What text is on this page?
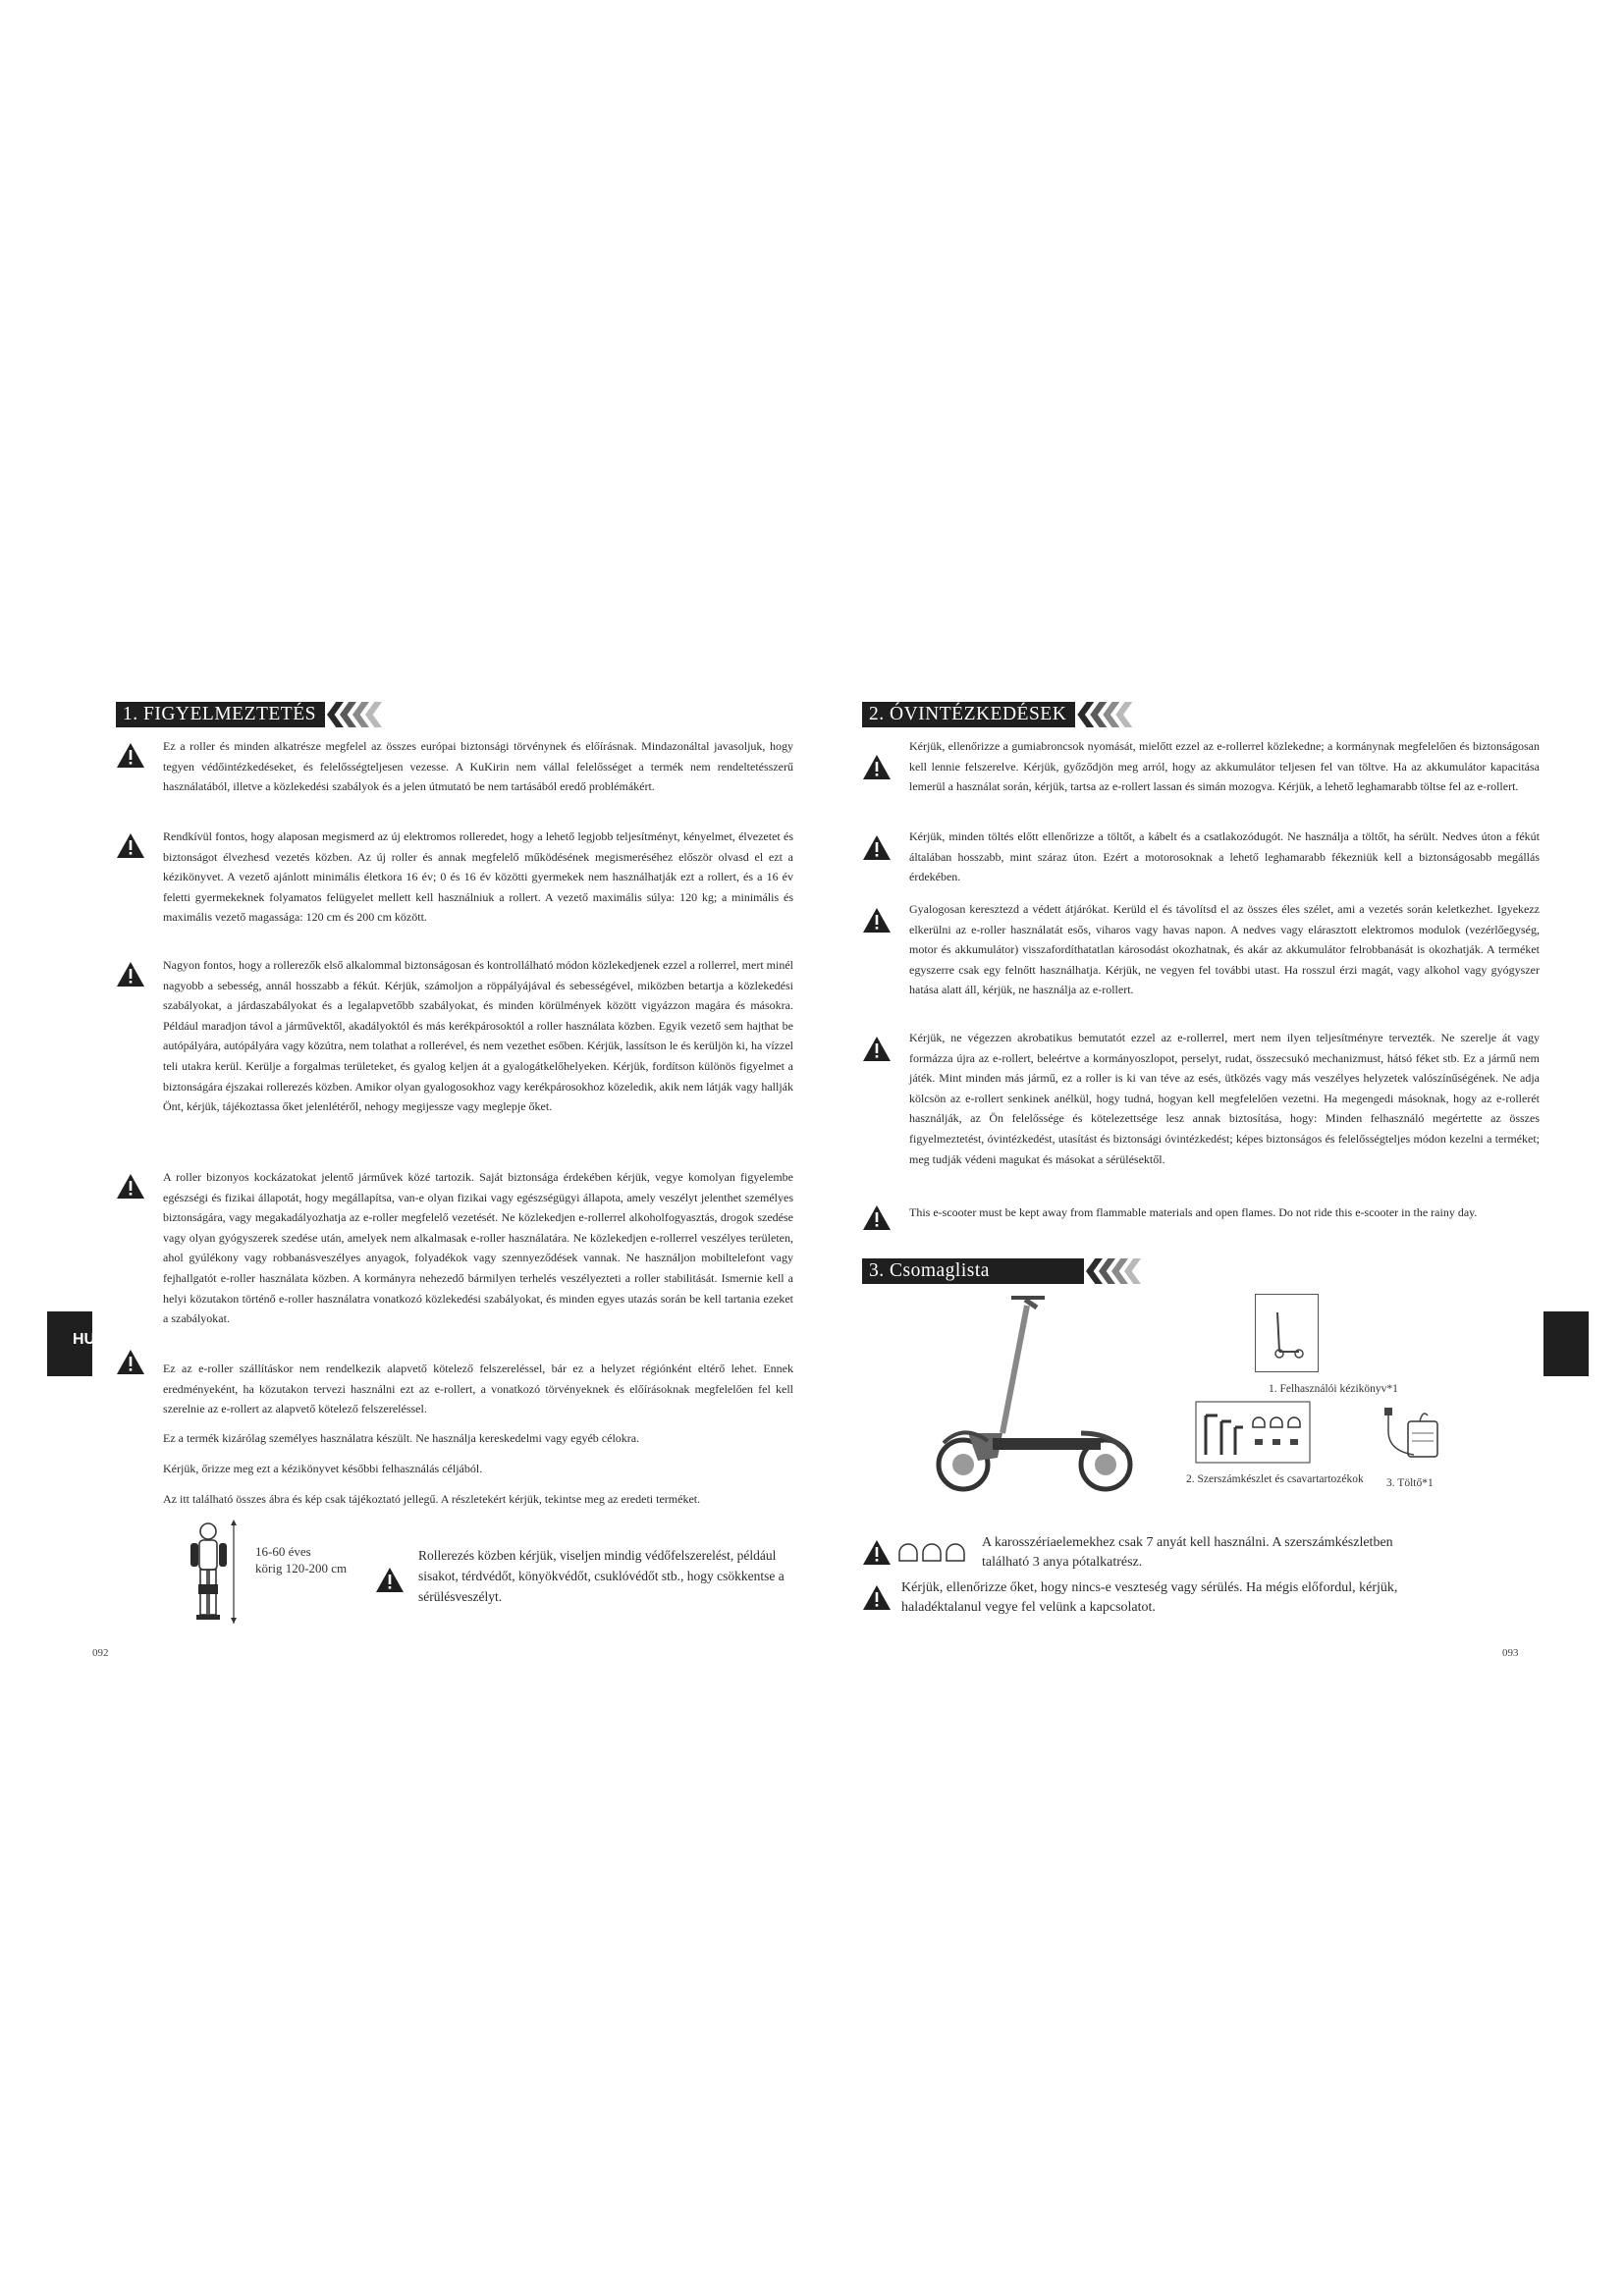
1. FIGYELMEZTETÉS
Ez a roller és minden alkatrésze megfelel az összes európai biztonsági törvénynek és előírásnak. Mindazonáltal javasoljuk, hogy tegyen védőintézkedéseket, és felelősségteljesen vezesse. A KuKirin nem vállal felelősséget a termék nem rendeltetésszerű használatából, illetve a közlekedési szabályok és a jelen útmutató be nem tartásából eredő problémákért.
Rendkívül fontos, hogy alaposan megismerd az új elektromos rolleredet, hogy a lehető legjobb teljesítményt, kényelmet, élvezetet és biztonságot élvezhesd vezetés közben. Az új roller és annak megfelelő működésének megismeréséhez először olvasd el ezt a kézikönyvet. A vezető ajánlott minimális életkora 16 év; 0 és 16 év közötti gyermekek nem használhatják ezt a rollert, és a 16 év feletti gyermekeknek folyamatos felügyelet mellett kell használniuk a rollert. A vezető maximális súlya: 120 kg; a minimális és maximális vezető magassága: 120 cm és 200 cm között.
Nagyon fontos, hogy a rollerezők első alkalommal biztonságosan és kontrollálható módon közlekedjenek ezzel a rollerrel, mert minél nagyobb a sebesség, annál hosszabb a fékút. Kérjük, számoljon a röppályájával és sebességével, miközben betartja a közlekedési szabályokat, a járdaszabályokat és a legalapvetőbb szabályokat, és minden körülmények között vigyázzon magára és másokra. Például maradjon távol a járművektől, akadályoktól és más kerékpárosoktól a roller használata közben. Egyik vezető sem hajthat be autópályára, autópályára vagy közútra, nem tolathat a rollerével, és nem vezethet esőben. Kérjük, lassítson le és kerüljön ki, ha vízzel teli utakra kerül. Kerülje a forgalmas területeket, és gyalog keljen át a gyalogátkelőhelyeken. Kérjük, fordítson különös figyelmet a biztonságára éjszakai rollerezés közben. Amikor olyan gyalogosokhoz vagy kerékpárosokhoz közeledik, akik nem látják vagy hallják Önt, kérjük, tájékoztassa őket jelenlétéről, nehogy megijessze vagy meglepje őket.
A roller bizonyos kockázatokat jelentő járművek közé tartozik. Saját biztonsága érdekében kérjük, vegye komolyan figyelembe egészségi és fizikai állapotát, hogy megállapítsa, van-e olyan fizikai vagy egészségügyi állapota, amely veszélyt jelenthet személyes biztonságára, vagy megakadályozhatja az e-roller megfelelő vezetését. Ne közlekedjen e-rollerrel alkoholfogyasztás, drogok szedése vagy olyan gyógyszerek szedése után, amelyek nem alkalmasak e-roller használatára. Ne közlekedjen e-rollerrel veszélyes területen, ahol gyúlékony vagy robbanásveszélyes anyagok, folyadékok vagy szennyeződések vannak. Ne használjon mobiltelefont vagy fejhallgatót e-roller használata közben. A kormányra nehezedő bármilyen terhelés veszélyezteti a roller stabilitását. Ismernie kell a helyi közutakon történő e-roller használatra vonatkozó közlekedési szabályokat, és minden egyes utazás során be kell tartania ezeket a szabályokat.
Ez az e-roller szállításkor nem rendelkezik alapvető kötelező felszereléssel, bár ez a helyzet régiónként eltérő lehet. Ennek eredményeként, ha közutakon tervezi használni ezt az e-rollert, a vonatkozó törvényeknek és előírásoknak megfelelően fel kell szerelnie az e-rollert az alapvető kötelező felszereléssel.
Ez a termék kizárólag személyes használatra készült. Ne használja kereskedelmi vagy egyéb célokra.
Kérjük, őrizze meg ezt a kézikönyvet későbbi felhasználás céljából.
Az itt található összes ábra és kép csak tájékoztató jellegű. A részletekért kérjük, tekintse meg az eredeti terméket.
16-60 éves
körig 120-200 cm
Rollerezés közben kérjük, viseljen mindig védőfelszerelést, például sisakot, térdvédőt, könyökvédőt, csuklóvédőt stb., hogy csökkentse a sérülésveszélyt.
092
HU
2. ÓVINTÉZKEDÉSEK
Kérjük, ellenőrizze a gumiabroncsok nyomását, mielőtt ezzel az e-rollerrel közlekedne; a kormánynak megfelelően és biztonságosan kell lennie felszerelve. Kérjük, győződjön meg arról, hogy az akkumulátor teljesen fel van töltve. Ha az akkumulátor kapacitása lemerül a használat során, kérjük, tartsa az e-rollert lassan és simán mozogva. Kérjük, a lehető leghamarabb töltse fel az e-rollert.
Kérjük, minden töltés előtt ellenőrizze a töltőt, a kábelt és a csatlakozódugót. Ne használja a töltőt, ha sérült. Nedves úton a fékút általában hosszabb, mint száraz úton. Ezért a motorosoknak a lehető leghamarabb fékezniük kell a biztonságosabb megállás érdekében.
Gyalogosan keresztezd a védett átjárókat. Kerüld el és távolítsd el az összes éles szélet, ami a vezetés során keletkezhet. Igyekezz elkerülni az e-roller használatát esős, viharos vagy havas napon. A nedves vagy elárasztott elektromos modulok (vezérlőegység, motor és akkumulátor) visszafordíthatatlan károsodást okozhatnak, és akár az akkumulátor felrobbanását is okozhatják. A terméket egyszerre csak egy felnőtt használhatja. Kérjük, ne vegyen fel további utast. Ha rosszul érzi magát, vagy alkohol vagy gyógyszer hatása alatt áll, kérjük, ne használja az e-rollert.
Kérjük, ne végezzen akrobatikus bemutatót ezzel az e-rollerrel, mert nem ilyen teljesítményre tervezték. Ne szerelje át vagy formázza újra az e-rollert, beleértve a kormányoszlopot, perselyt, rudat, összecsukó mechanizmust, hátsó féket stb. Ez a jármű nem játék. Mint minden más jármű, ez a roller is ki van téve az esés, ütközés vagy más veszélyes helyzetek valószínűségének. Ne adja kölcsön az e-rollert senkinek anélkül, hogy tudná, hogyan kell megfelelően vezetni. Ha megengedi másoknak, hogy az e-rollerét használják, az Ön felelőssége és kötelezettsége lesz annak biztosítása, hogy: Minden felhasználó megértette az összes figyelmeztetést, óvintézkedést, utasítást és biztonsági óvintézkedést; képes biztonságos és felelősségteljes módon kezelni a terméket; meg tudják védeni magukat és másokat a sérülésektől.
This e-scooter must be kept away from flammable materials and open flames. Do not ride this e-scooter in the rainy day.
3. Csomaglista
1. Felhasználói kézikönyv*1
2. Szerszámkészlet és csavartartozékok 3. Töltő*1
A karosszériaelemekhez csak 7 anyát kell használni. A szerszámkészletben található 3 anya pótalkatrész.
Kérjük, ellenőrizze őket, hogy nincs-e veszteség vagy sérülés. Ha mégis előfordul, kérjük, haladéktalanul vegye fel velünk a kapcsolatot.
093
